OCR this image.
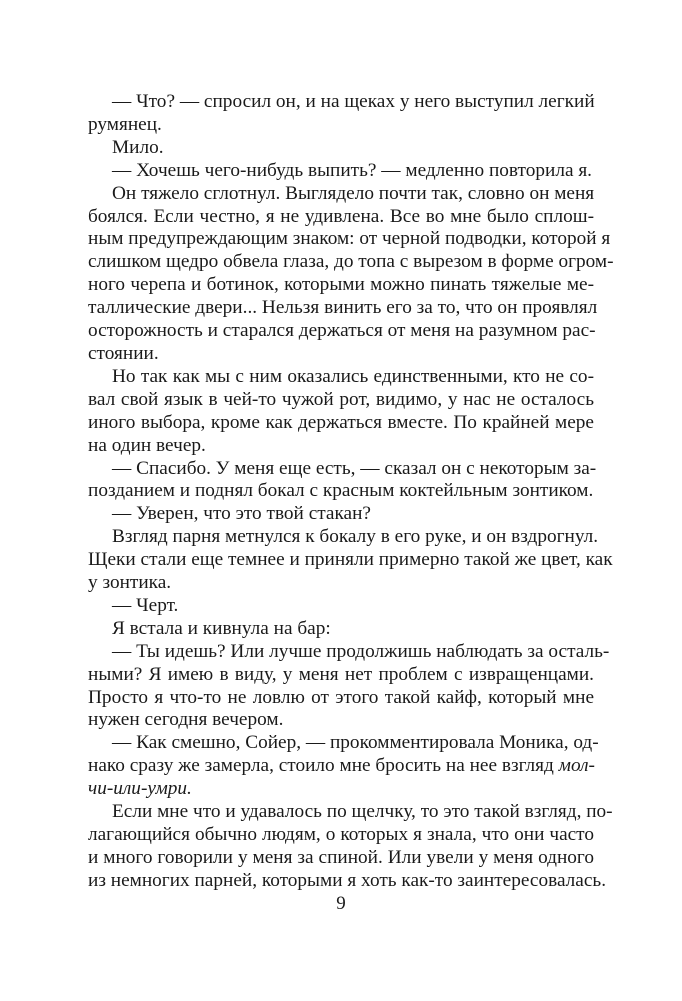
— Что? — спросил он, и на щеках у него выступил легкий
румянец.

Мило.

— Хочешь чего-нибудь выпить? — медленно повторила я.

Он тяжело сглотнул. Выглядело почти так, словно он меня
боялся. Если честно, я не удивлена. Все во мне было сплош-
ным предупреждающим знаком: от черной подводки, которой я
слишком щедро обвела глаза, до топа с вырезом в форме огром-
ного черепа и ботинок, которыми можно пинать тяжелые ме-
таллические двери... Нельзя винить его за то, что он проявлял
осторожность и старался держаться от меня на разумном рас-
стоянии.

Но так как мы с ним оказались единственными, кто не со-
вал свой язык в чей-то чужой рот, видимо, у нас не осталось
иного выбора, кроме как держаться вместе. По крайней мере
на один вечер.

— Спасибо. У меня еще есть, — сказал он с некоторым за-
позданием и поднял бокал с красным коктейльным зонтиком.

— Уверен, что это твой стакан?

Взгляд парня метнулся к бокалу в его руке, и он вздрогнул.
Щеки стали еще темнее и приняли примерно такой же цвет, как
у зонтика.

— Черт.

Я встала и кивнула на бар:

— Ты идешь? Или лучше продолжишь наблюдать за осталь-
ными? Я имею в виду, у меня нет проблем с извращенцами.
Просто я что-то не ловлю от этого такой кайф, который мне
нужен сегодня вечером.

— Как смешно, Сойер, — прокомментировала Моника, од-
нако сразу же замерла, стоило мне бросить на нее взгляд мол-
чи-или-умри.

Если мне что и удавалось по щелчку, то это такой взгляд, по-
лагающийся обычно людям, о которых я знала, что они часто
и много говорили у меня за спиной. Или увели у меня одного
из немногих парней, которыми я хоть как-то заинтересовалась.

9
